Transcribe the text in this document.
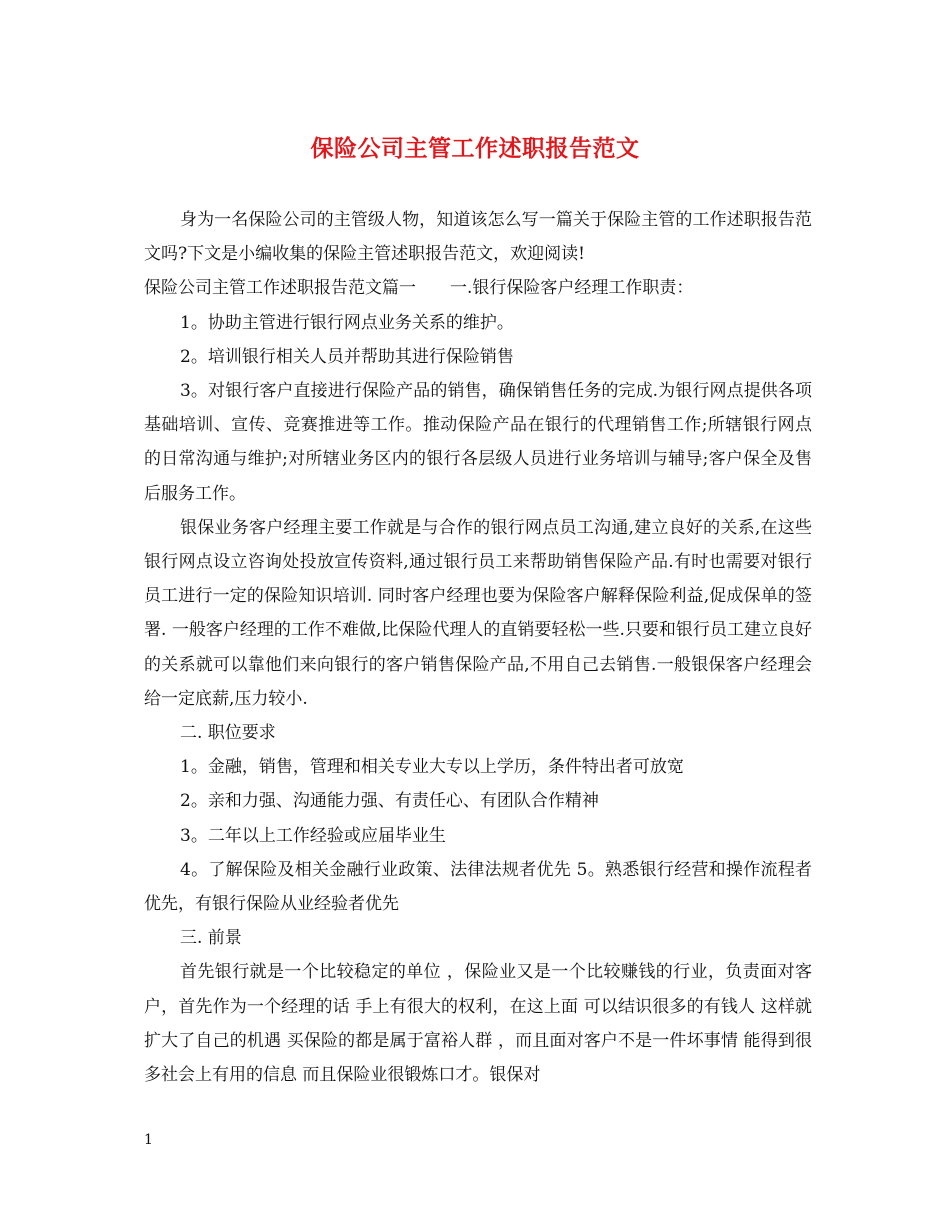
保险公司主管工作述职报告范文

身为一名保险公司的主管级人物，知道该怎么写一篇关于保险主管的工作述职报告范文吗?下文是小编收集的保险主管述职报告范文，欢迎阅读!

保险公司主管工作述职报告范文篇一　　一.银行保险客户经理工作职责：

1。协助主管进行银行网点业务关系的维护。

2。培训银行相关人员并帮助其进行保险销售

3。对银行客户直接进行保险产品的销售，确保销售任务的完成.为银行网点提供各项基础培训、宣传、竞赛推进等工作。推动保险产品在银行的代理销售工作;所辖银行网点的日常沟通与维护;对所辖业务区内的银行各层级人员进行业务培训与辅导;客户保全及售后服务工作。

银保业务客户经理主要工作就是与合作的银行网点员工沟通,建立良好的关系,在这些银行网点设立咨询处投放宣传资料,通过银行员工来帮助销售保险产品.有时也需要对银行员工进行一定的保险知识培训. 同时客户经理也要为保险客户解释保险利益,促成保单的签署. 一般客户经理的工作不难做,比保险代理人的直销要轻松一些.只要和银行员工建立良好的关系就可以靠他们来向银行的客户销售保险产品,不用自己去销售.一般银保客户经理会给一定底薪,压力较小.

二. 职位要求

1。金融，销售，管理和相关专业大专以上学历，条件特出者可放宽

2。亲和力强、沟通能力强、有责任心、有团队合作精神

3。二年以上工作经验或应届毕业生

4。了解保险及相关金融行业政策、法律法规者优先 5。熟悉银行经营和操作流程者优先，有银行保险从业经验者优先

三. 前景

首先银行就是一个比较稳定的单位 ，保险业又是一个比较赚钱的行业，负责面对客户，首先作为一个经理的话 手上有很大的权利，在这上面 可以结识很多的有钱人 这样就扩大了自己的机遇 买保险的都是属于富裕人群 ，而且面对客户不是一件坏事情 能得到很多社会上有用的信息 而且保险业很锻炼口才。银保对

1
